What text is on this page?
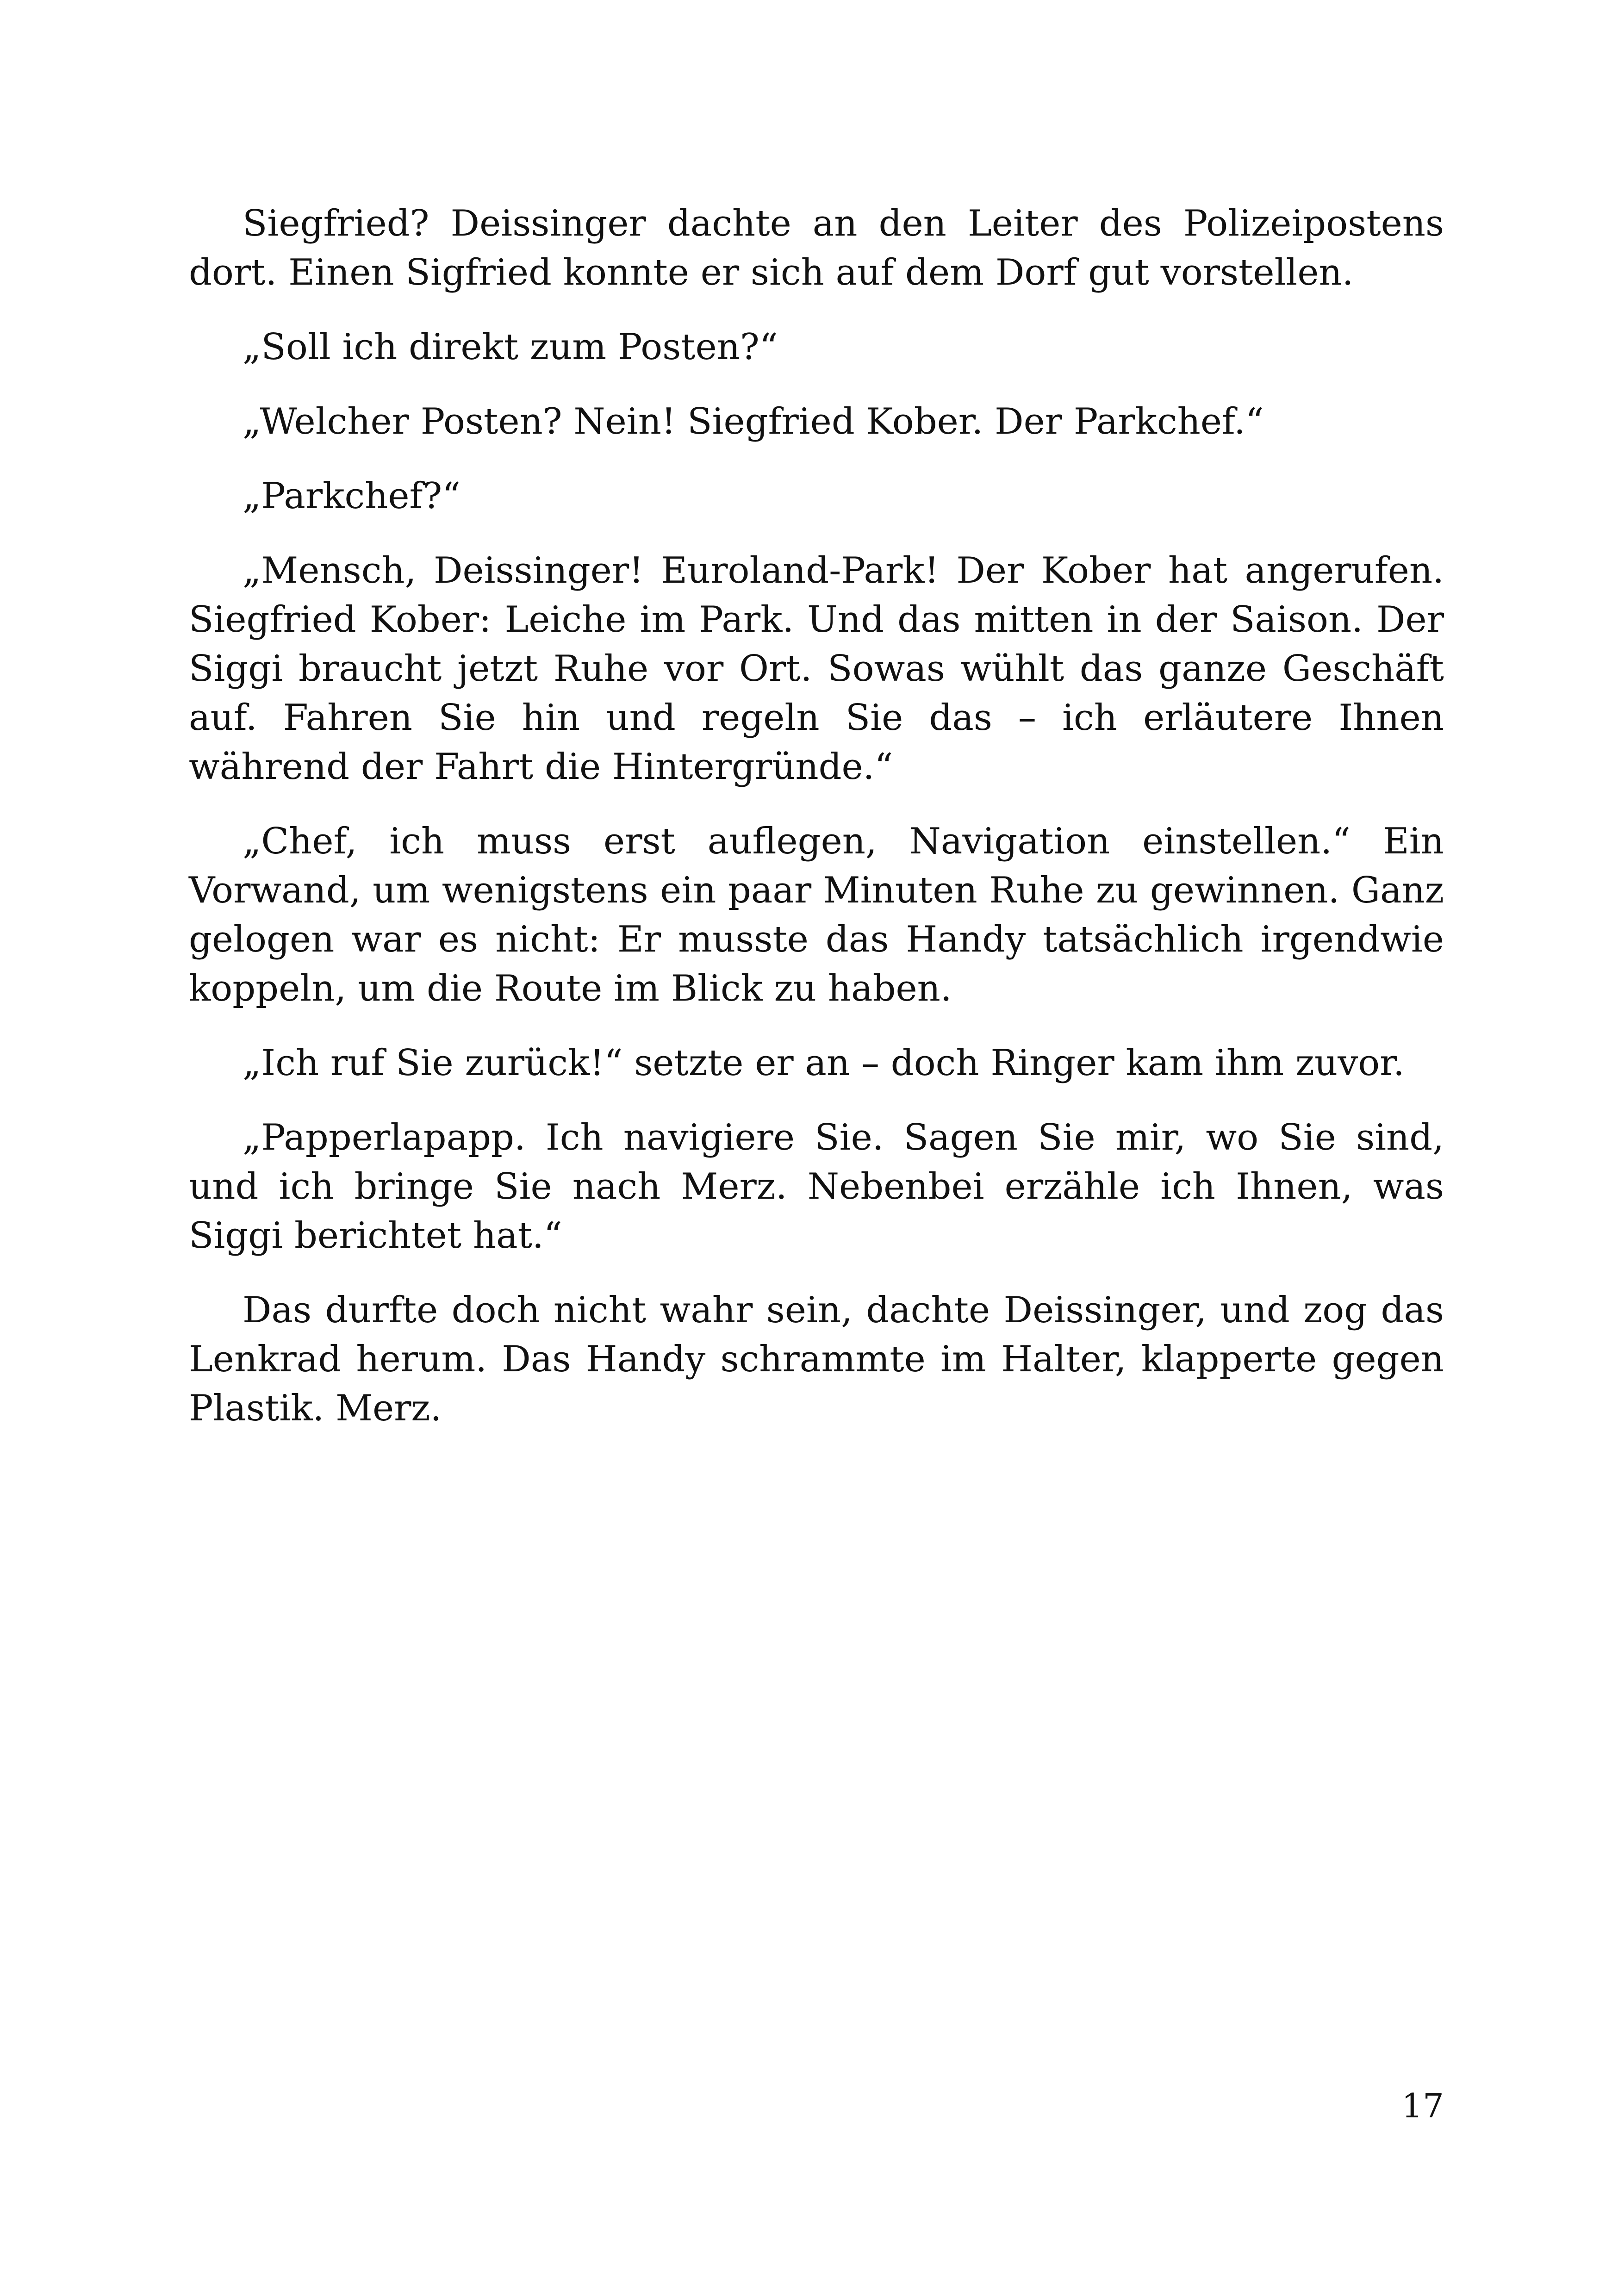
Siegfried? Deissinger dachte an den Leiter des Polizeipostens dort. Einen Sigfried konnte er sich auf dem Dorf gut vorstellen.

„Soll ich direkt zum Posten?“

„Welcher Posten? Nein! Siegfried Kober. Der Parkchef.“

„Parkchef?“

„Mensch, Deissinger! Euroland-Park! Der Kober hat angerufen. Siegfried Kober: Leiche im Park. Und das mitten in der Saison. Der Siggi braucht jetzt Ruhe vor Ort. Sowas wühlt das ganze Geschäft auf. Fahren Sie hin und regeln Sie das – ich erläutere Ihnen während der Fahrt die Hintergründe.“

„Chef, ich muss erst auflegen, Navigation einstellen.“ Ein Vorwand, um wenigstens ein paar Minuten Ruhe zu gewinnen. Ganz gelogen war es nicht: Er musste das Handy tatsächlich irgendwie koppeln, um die Route im Blick zu haben.

„Ich ruf Sie zurück!“ setzte er an – doch Ringer kam ihm zuvor.

„Papperlapapp. Ich navigiere Sie. Sagen Sie mir, wo Sie sind, und ich bringe Sie nach Merz. Nebenbei erzähle ich Ihnen, was Siggi berichtet hat.“

Das durfte doch nicht wahr sein, dachte Deissinger, und zog das Lenkrad herum. Das Handy schrammte im Halter, klapperte gegen Plastik. Merz.

17
